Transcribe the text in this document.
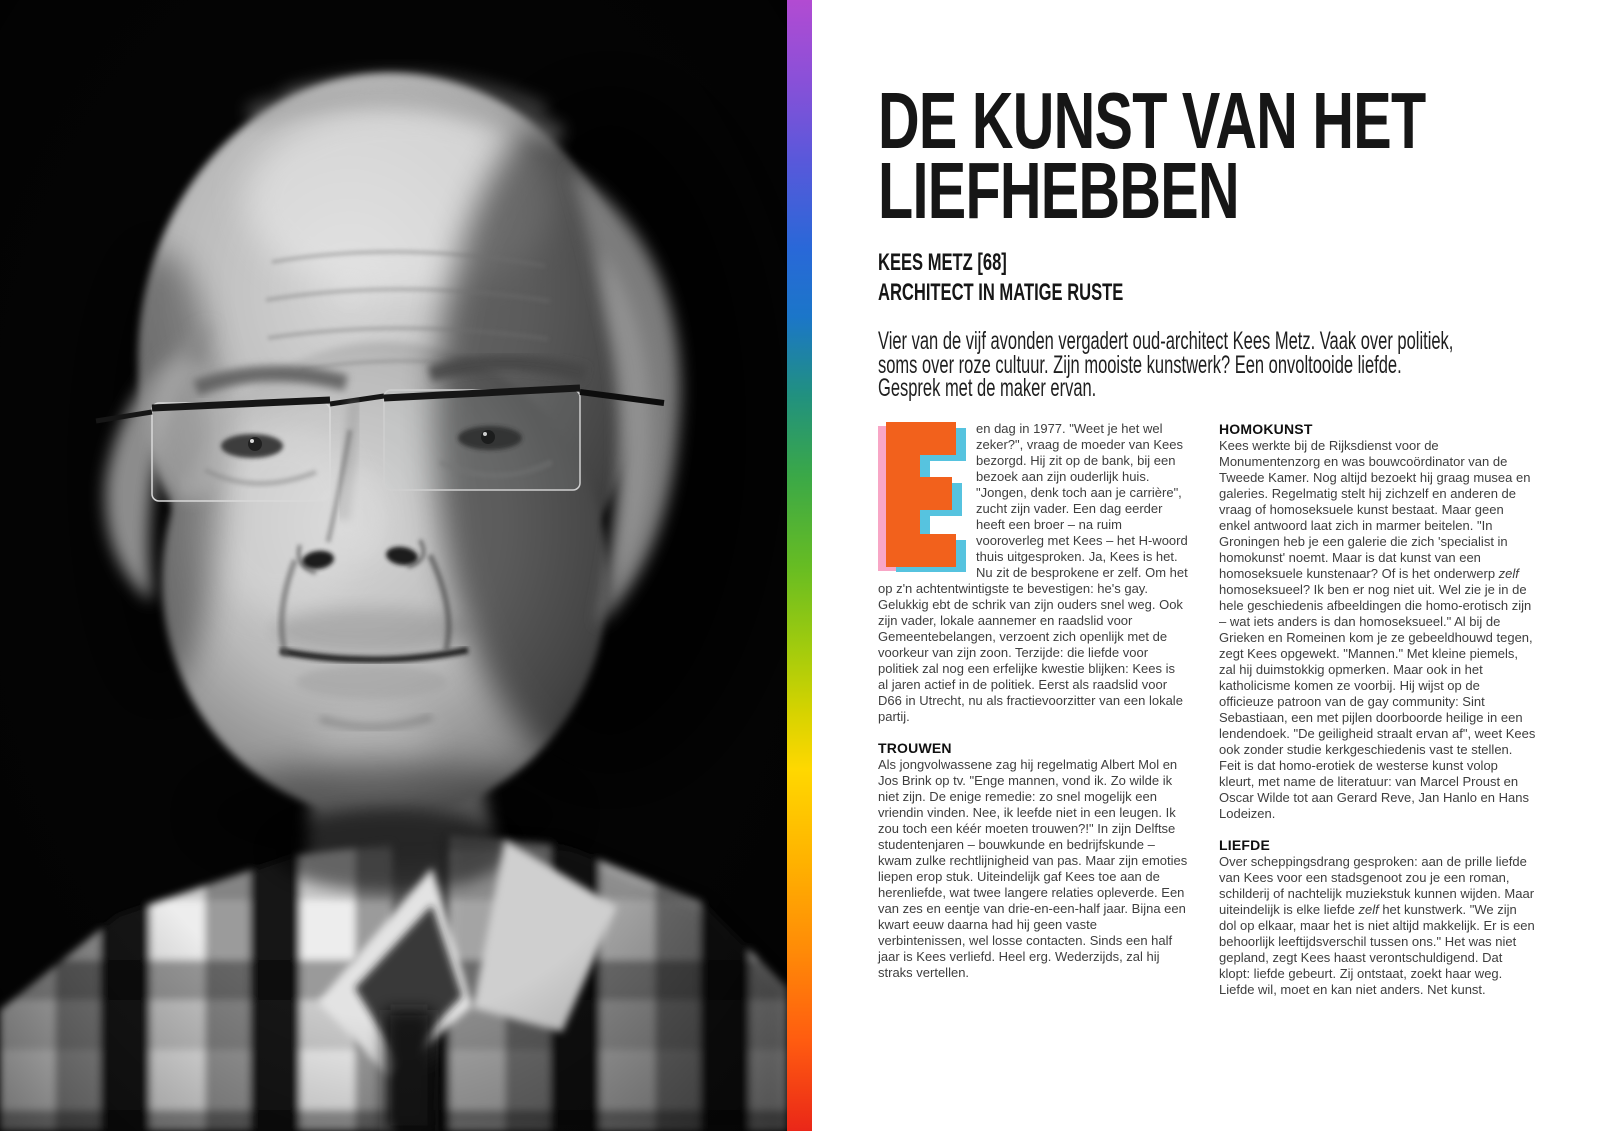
DE KUNST VAN HET
LIEFHEBBEN
KEES METZ [68]
ARCHITECT IN MATIGE RUSTE
Vier van de vijf avonden vergadert oud-architect Kees Metz. Vaak over politiek,
soms over roze cultuur. Zijn mooiste kunstwerk? Een onvoltooide liefde.
Gesprek met de maker ervan.

en dag in 1977. "Weet je het wel zeker?", vraag de moeder van Kees bezorgd. Hij zit op de bank, bij een bezoek aan zijn ouderlijk huis. "Jongen, denk toch aan je carrière", zucht zijn vader. Een dag eerder heeft een broer – na ruim vooroverleg met Kees – het H-woord thuis uitgesproken. Ja, Kees is het. Nu zit de besprokene er zelf. Om het op z'n achtentwintigste te bevestigen: he's gay. Gelukkig ebt de schrik van zijn ouders snel weg. Ook zijn vader, lokale aannemer en raadslid voor Gemeentebelangen, verzoent zich openlijk met de voorkeur van zijn zoon. Terzijde: die liefde voor politiek zal nog een erfelijke kwestie blijken: Kees is al jaren actief in de politiek. Eerst als raadslid voor D66 in Utrecht, nu als fractievoorzitter van een lokale partij.

TROUWEN

Als jongvolwassene zag hij regelmatig Albert Mol en Jos Brink op tv. "Enge mannen, vond ik. Zo wilde ik niet zijn. De enige remedie: zo snel mogelijk een vriendin vinden. Nee, ik leefde niet in een leugen. Ik zou toch een kéér moeten trouwen?!" In zijn Delftse studentenjaren – bouwkunde en bedrijfskunde – kwam zulke rechtlijnigheid van pas. Maar zijn emoties liepen erop stuk. Uiteindelijk gaf Kees toe aan de herenliefde, wat twee langere relaties opleverde. Een van zes en eentje van drie-en-een-half jaar. Bijna een kwart eeuw daarna had hij geen vaste verbintenissen, wel losse contacten. Sinds een half jaar is Kees verliefd. Heel erg. Wederzijds, zal hij straks vertellen.

HOMOKUNST

Kees werkte bij de Rijksdienst voor de Monumentenzorg en was bouwcoördinator van de Tweede Kamer. Nog altijd bezoekt hij graag musea en galeries. Regelmatig stelt hij zichzelf en anderen de vraag of homoseksuele kunst bestaat. Maar geen enkel antwoord laat zich in marmer beitelen. "In Groningen heb je een galerie die zich 'specialist in homokunst' noemt. Maar is dat kunst van een homoseksuele kunstenaar? Of is het onderwerp zelf homoseksueel? Ik ben er nog niet uit. Wel zie je in de hele geschiedenis afbeeldingen die homo-erotisch zijn – wat iets anders is dan homoseksueel." Al bij de Grieken en Romeinen kom je ze gebeeldhouwd tegen, zegt Kees opgewekt. "Mannen." Met kleine piemels, zal hij duimstokkig opmerken. Maar ook in het katholicisme komen ze voorbij. Hij wijst op de officieuze patroon van de gay community: Sint Sebastiaan, een met pijlen doorboorde heilige in een lendendoek. "De geiligheid straalt ervan af", weet Kees ook zonder studie kerkgeschiedenis vast te stellen. Feit is dat homo-erotiek de westerse kunst volop kleurt, met name de literatuur: van Marcel Proust en Oscar Wilde tot aan Gerard Reve, Jan Hanlo en Hans Lodeizen.

LIEFDE

Over scheppingsdrang gesproken: aan de prille liefde van Kees voor een stadsgenoot zou je een roman, schilderij of nachtelijk muziekstuk kunnen wijden. Maar uiteindelijk is elke liefde zelf het kunstwerk. "We zijn dol op elkaar, maar het is niet altijd makkelijk. Er is een behoorlijk leeftijdsverschil tussen ons." Het was niet gepland, zegt Kees haast verontschuldigend. Dat klopt: liefde gebeurt. Zij ontstaat, zoekt haar weg. Liefde wil, moet en kan niet anders. Net kunst.
